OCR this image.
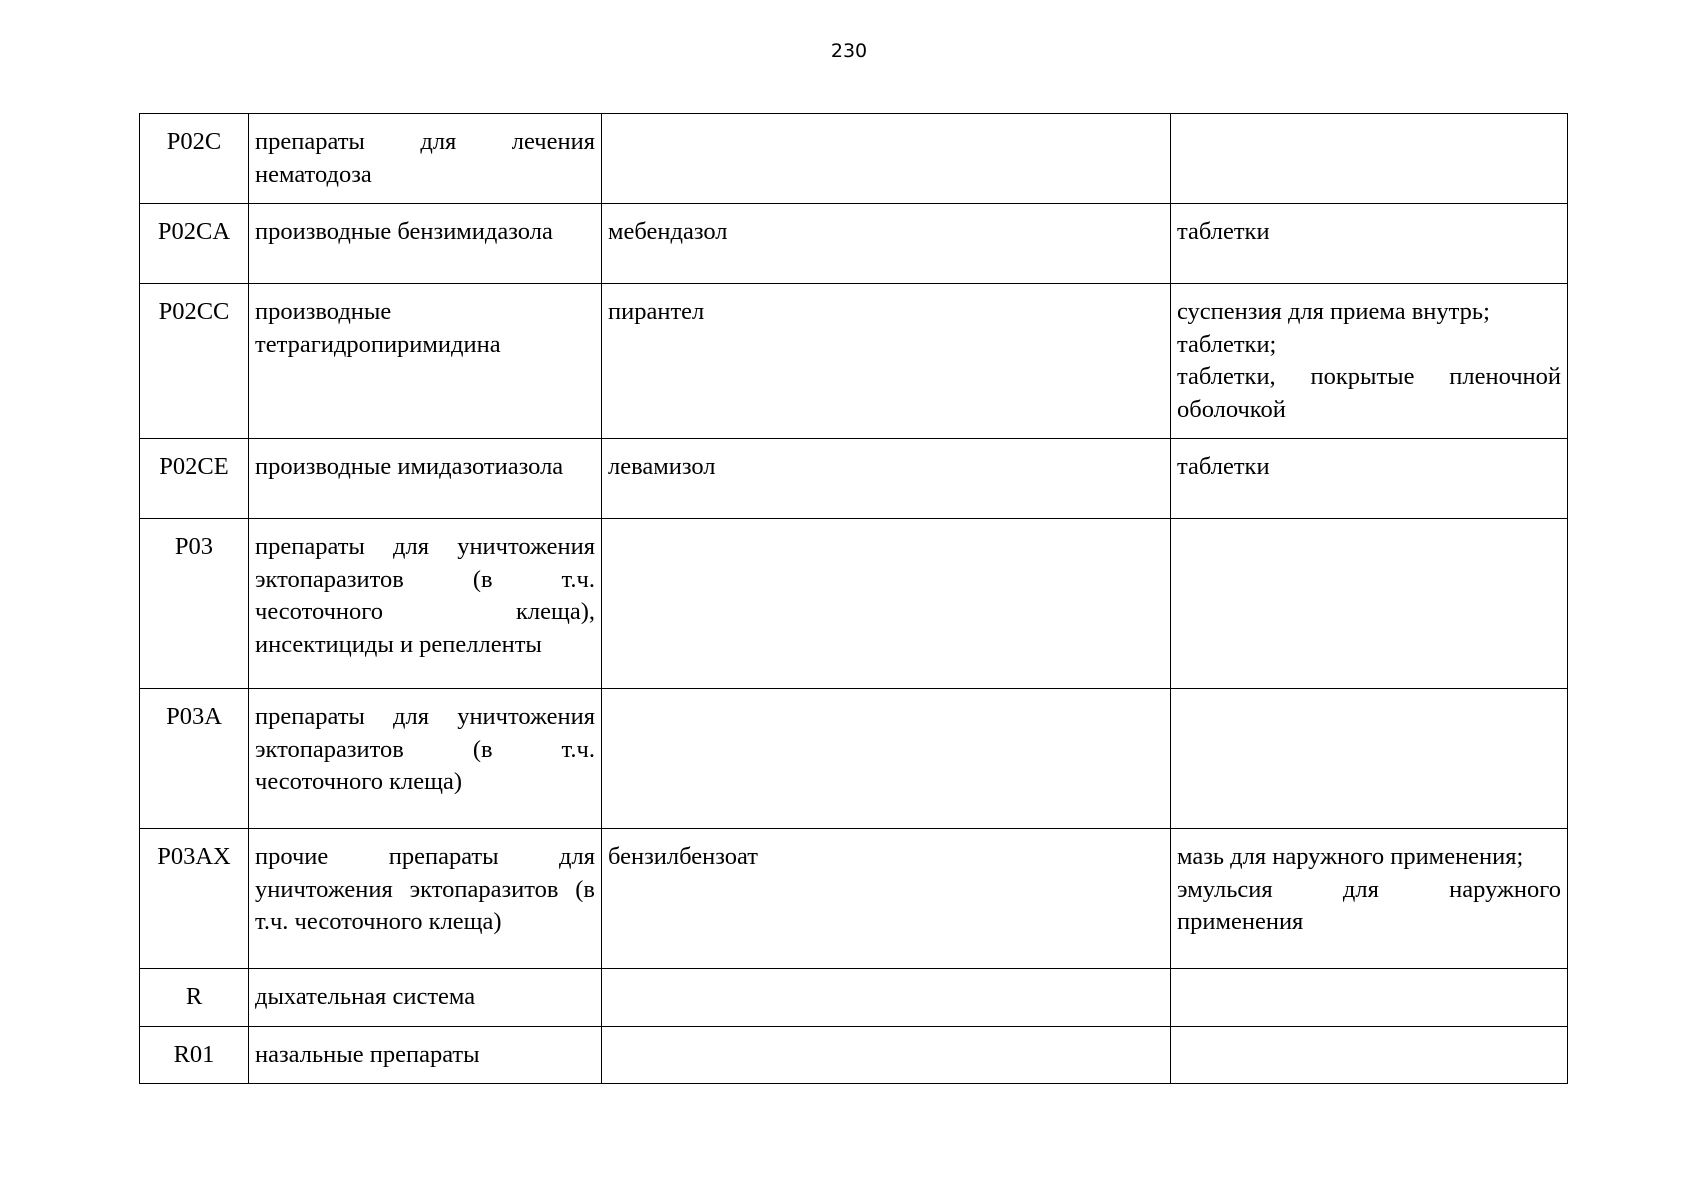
230
P02C	препараты для лечения нематодоза		
P02CA	производные бензимидазола	мебендазол	таблетки

P02CC	производные тетрагидропиримидина	пирантел	суспензия для приема внутрь;
таблетки;
таблетки, покрытые пленочной оболочкой

P02CE	производные имидазотиазола	левамизол	таблетки

P03	препараты для уничтожения эктопаразитов (в т.ч. чесоточного клеща), инсектициды и репелленты		
P03A	препараты для уничтожения эктопаразитов (в т.ч. чесоточного клеща)		
P03AX	прочие препараты для уничтожения эктопаразитов (в т.ч. чесоточного клеща)	бензилбензоат	мазь для наружного применения;
эмульсия для наружного применения

R	дыхательная система		
R01	назальные препараты		
